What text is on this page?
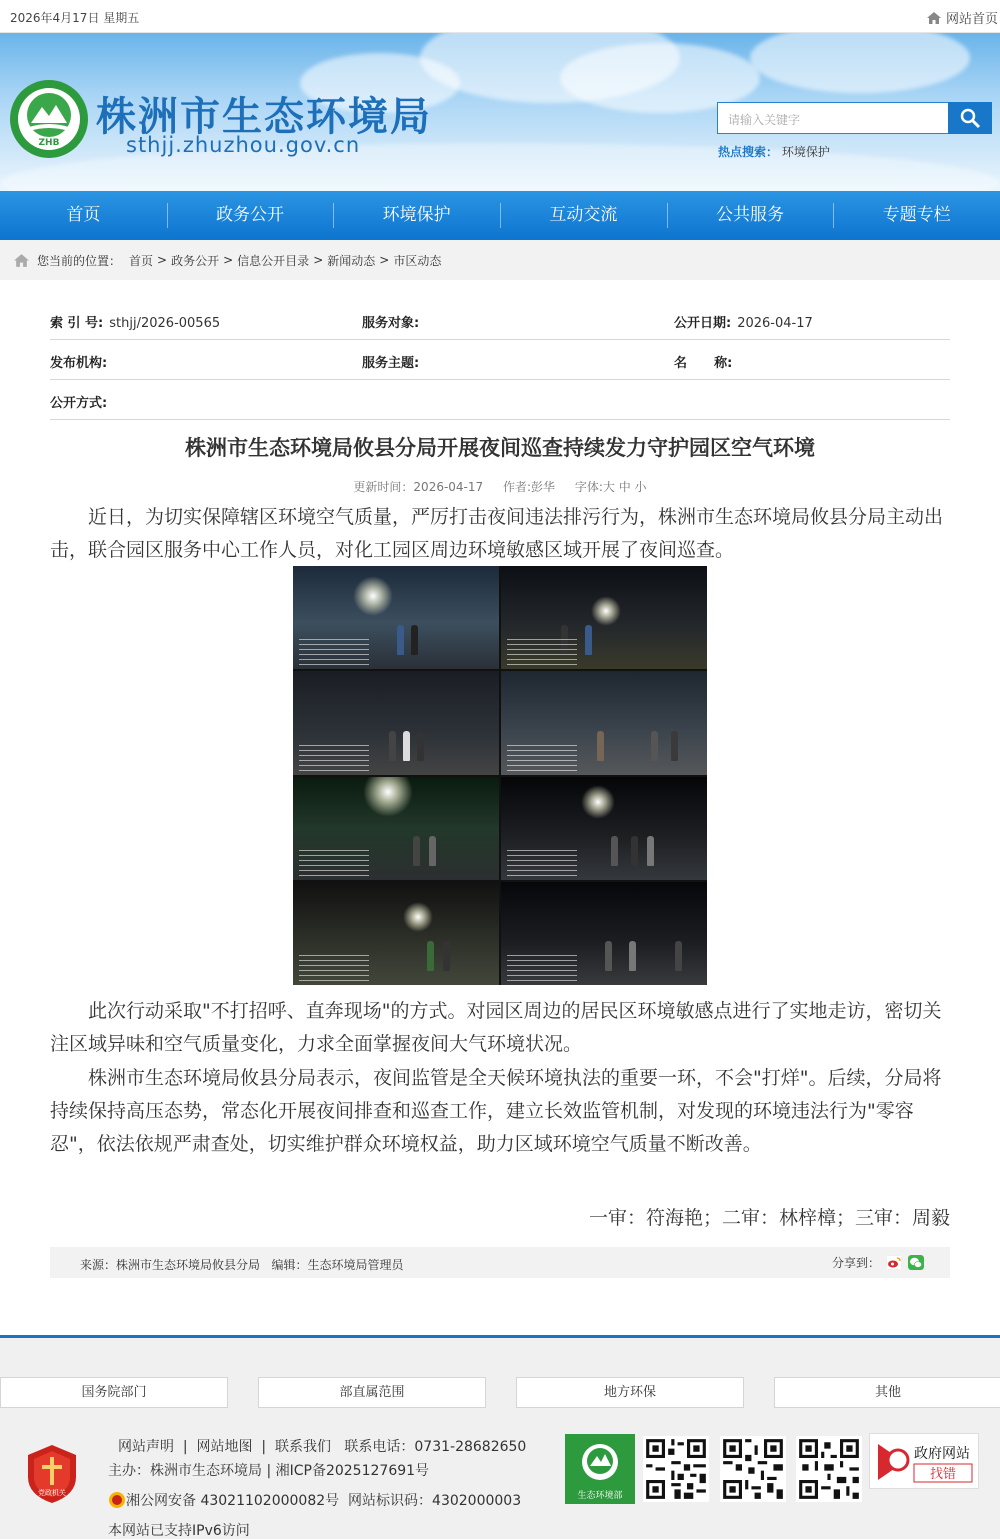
2026年4月17日 星期五	网站首页
ZHB
株洲市生态环境局
sthjj.zhuzhou.gov.cn
请输入关键字
热点搜索： 环境保护
首页	政务公开	环境保护	互动交流	公共服务	专题专栏
您当前的位置： 首页 > 政务公开 > 信息公开目录 > 新闻动态 > 市区动态
索 引 号: sthjj/2026-00565	服务对象:	公开日期: 2026-04-17
发布机构:	服务主题:	名      称:
公开方式:
株洲市生态环境局攸县分局开展夜间巡查持续发力守护园区空气环境
更新时间：2026-04-17 作者:彭华 字体:大 中 小

近日，为切实保障辖区环境空气质量，严厉打击夜间违法排污行为，株洲市生态环境局攸县分局主动出击，联合园区服务中心工作人员，对化工园区周边环境敏感区域开展了夜间巡查。

此次行动采取"不打招呼、直奔现场"的方式。对园区周边的居民区环境敏感点进行了实地走访，密切关注区域异味和空气质量变化，力求全面掌握夜间大气环境状况。

株洲市生态环境局攸县分局表示，夜间监管是全天候环境执法的重要一环，不会"打烊"。后续，分局将持续保持高压态势，常态化开展夜间排查和巡查工作，建立长效监管机制，对发现的环境违法行为"零容忍"，依法依规严肃查处，切实维护群众环境权益，助力区域环境空气质量不断改善。

一审：符海艳；二审：林梓樟；三审：周毅
来源：株洲市生态环境局攸县分局   编辑：生态环境局管理员	分享到：
国务院部门	部直属范围	地方环保	其他
党政机关
网站声明  |  网站地图  |  联系我们   联系电话：0731-28682650
主办：株洲市生态环境局 | 湘ICP备2025127691号
湘公网安备 43021102000082号  网站标识码：4302000003
本网站已支持IPv6访问
生态环境部
政府网站
找错
